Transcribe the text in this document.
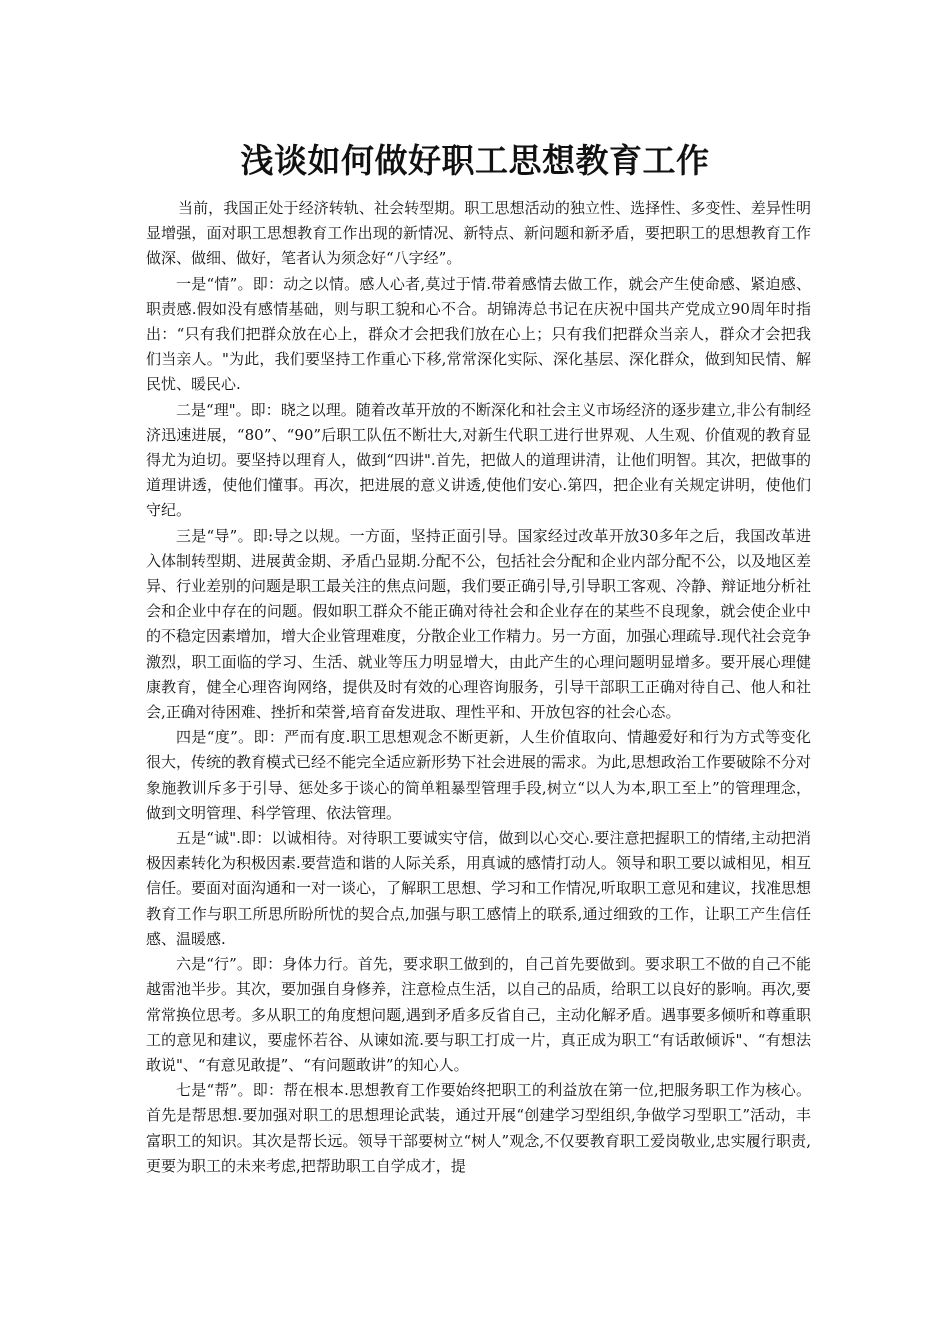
浅谈如何做好职工思想教育工作

当前，我国正处于经济转轨、社会转型期。职工思想活动的独立性、选择性、多变性、差异性明显增强，面对职工思想教育工作出现的新情况、新特点、新问题和新矛盾，要把职工的思想教育工作做深、做细、做好，笔者认为须念好“八字经”。

一是“情”。即：动之以情。感人心者,莫过于情.带着感情去做工作，就会产生使命感、紧迫感、职责感.假如没有感情基础，则与职工貌和心不合。胡锦涛总书记在庆祝中国共产党成立90周年时指出：“只有我们把群众放在心上，群众才会把我们放在心上；只有我们把群众当亲人，群众才会把我们当亲人。"为此，我们要坚持工作重心下移,常常深化实际、深化基层、深化群众，做到知民情、解民忧、暖民心.

二是“理"。即：晓之以理。随着改革开放的不断深化和社会主义市场经济的逐步建立,非公有制经济迅速进展，“80”、“90”后职工队伍不断壮大,对新生代职工进行世界观、人生观、价值观的教育显得尤为迫切。要坚持以理育人，做到“四讲".首先，把做人的道理讲清，让他们明智。其次，把做事的道理讲透，使他们懂事。再次，把进展的意义讲透,使他们安心.第四，把企业有关规定讲明，使他们守纪。

三是“导”。即:导之以规。一方面，坚持正面引导。国家经过改革开放30多年之后，我国改革进入体制转型期、进展黄金期、矛盾凸显期.分配不公，包括社会分配和企业内部分配不公，以及地区差异、行业差别的问题是职工最关注的焦点问题，我们要正确引导,引导职工客观、冷静、辩证地分析社会和企业中存在的问题。假如职工群众不能正确对待社会和企业存在的某些不良现象，就会使企业中的不稳定因素增加，增大企业管理难度，分散企业工作精力。另一方面，加强心理疏导.现代社会竞争激烈，职工面临的学习、生活、就业等压力明显增大，由此产生的心理问题明显增多。要开展心理健康教育，健全心理咨询网络，提供及时有效的心理咨询服务，引导干部职工正确对待自己、他人和社会,正确对待困难、挫折和荣誉,培育奋发进取、理性平和、开放包容的社会心态。

四是“度”。即：严而有度.职工思想观念不断更新，人生价值取向、情趣爱好和行为方式等变化很大，传统的教育模式已经不能完全适应新形势下社会进展的需求。为此,思想政治工作要破除不分对象施教训斥多于引导、惩处多于谈心的简单粗暴型管理手段,树立“以人为本,职工至上”的管理理念，做到文明管理、科学管理、依法管理。

五是“诚".即：以诚相待。对待职工要诚实守信，做到以心交心.要注意把握职工的情绪,主动把消极因素转化为积极因素.要营造和谐的人际关系，用真诚的感情打动人。领导和职工要以诚相见，相互信任。要面对面沟通和一对一谈心，了解职工思想、学习和工作情况,听取职工意见和建议，找准思想教育工作与职工所思所盼所忧的契合点,加强与职工感情上的联系,通过细致的工作，让职工产生信任感、温暖感.

六是“行”。即：身体力行。首先，要求职工做到的，自己首先要做到。要求职工不做的自己不能越雷池半步。其次，要加强自身修养，注意检点生活，以自己的品质，给职工以良好的影响。再次,要常常换位思考。多从职工的角度想问题,遇到矛盾多反省自己，主动化解矛盾。遇事要多倾听和尊重职工的意见和建议，要虚怀若谷、从谏如流.要与职工打成一片，真正成为职工“有话敢倾诉"、“有想法敢说"、“有意见敢提”、“有问题敢讲”的知心人。

七是“帮”。即：帮在根本.思想教育工作要始终把职工的利益放在第一位,把服务职工作为核心。首先是帮思想.要加强对职工的思想理论武装，通过开展“创建学习型组织,争做学习型职工”活动，丰富职工的知识。其次是帮长远。领导干部要树立“树人”观念,不仅要教育职工爱岗敬业,忠实履行职责,更要为职工的未来考虑,把帮助职工自学成才，提
